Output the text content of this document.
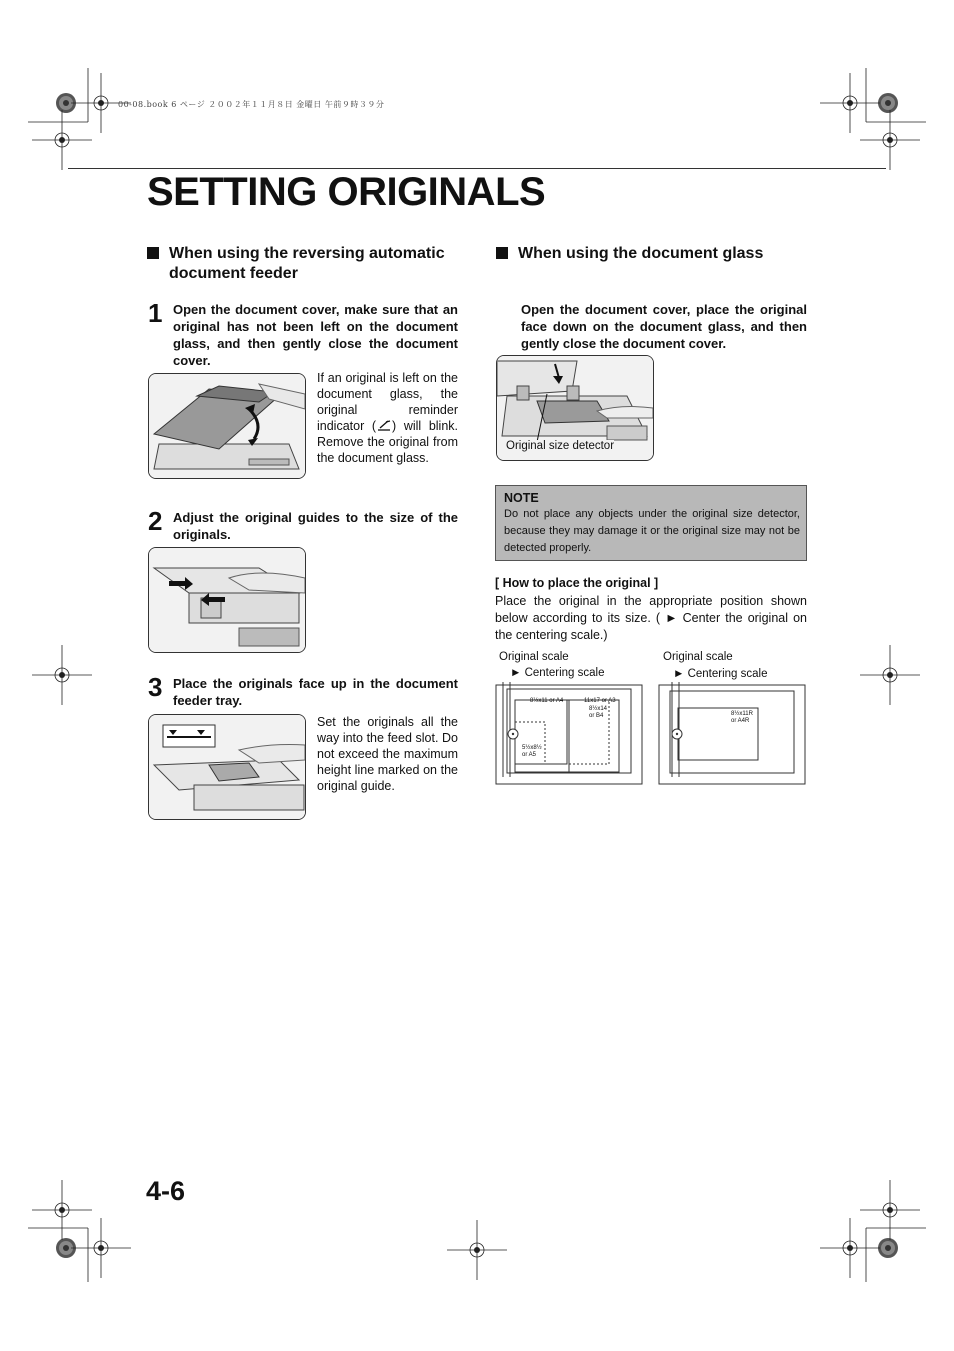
00-08.book 6 ページ ２００２年１１月８日 金曜日 午前９時３９分
SETTING ORIGINALS
When using the reversing automatic
document feeder
1 Open the document cover, make sure that an original has not been left on the document glass, and then gently close the document cover.
If an original is left on the document glass, the original reminder indicator ( ) will blink. Remove the original from the document glass.
2 Adjust the original guides to the size of the originals.
3 Place the originals face up in the document feeder tray.
Set the originals all the way into the feed slot. Do not exceed the maximum height line marked on the original guide.
When using the document glass
Open the document cover, place the original face down on the document glass, and then gently close the document cover.
Original size detector
NOTE
Do not place any objects under the original size detector, because they may damage it or the original size may not be detected properly.
[ How to place the original ]
Place the original in the appropriate position shown below according to its size. ( ► Center the original on the centering scale.)
Original scale
► Centering scale
8½x11 or A4	11x17 or A3
8½x14
or B4
5½x8½
or A5
Original scale
► Centering scale
8½x11R
or A4R
4-6
